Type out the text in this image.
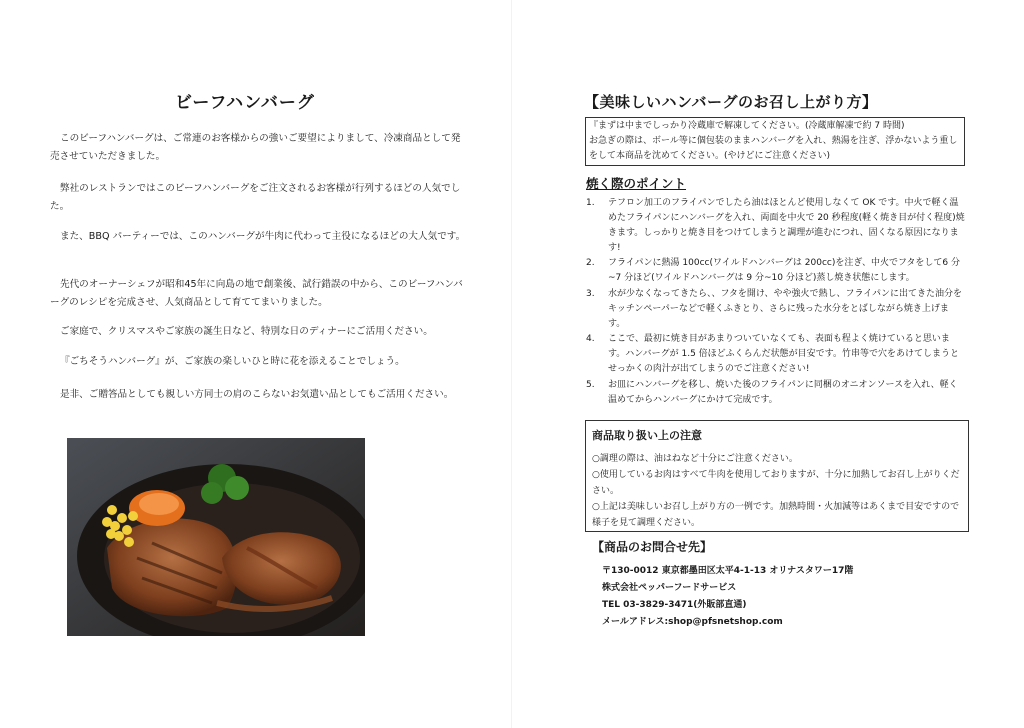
ビーフハンバーグ
このビーフハンバーグは、ご常連のお客様からの強いご要望によりまして、冷凍商品として発売させていただきました。
弊社のレストランではこのビーフハンバーグをご注文されるお客様が行列するほどの人気でした。
また、BBQ パーティーでは、このハンバーグが牛肉に代わって主役になるほどの大人気です。
先代のオーナーシェフが昭和45年に向島の地で創業後、試行錯誤の中から、このビーフハンバーグのレシピを完成させ、人気商品として育ててまいりました。
ご家庭で、クリスマスやご家族の誕生日など、特別な日のディナーにご活用ください。
『ごちそうハンバーグ』が、ご家族の楽しいひと時に花を添えることでしょう。
是非、ご贈答品としても親しい方同士の肩のこらないお気遣い品としてもご活用ください。
【美味しいハンバーグのお召し上がり方】
『まずは中までしっかり冷蔵庫で解凍してください。(冷蔵庫解凍で約 7 時間)
お急ぎの際は、ボール等に個包装のままハンバーグを入れ、熱湯を注ぎ、浮かないよう重しをして本商品を沈めてください。(やけどにご注意ください)
焼く際のポイント
1. テフロン加工のフライパンでしたら油はほとんど使用しなくて OK です。中火で軽く温めたフライパンにハンバーグを入れ、両面を中火で 20 秒程度(軽く焼き目が付く程度)焼きます。しっかりと焼き目をつけてしまうと調理が進むにつれ、固くなる原因になります!
2. フライパンに熱湯 100cc(ワイルドハンバーグは 200cc)を注ぎ、中火でフタをして6 分~7 分ほど(ワイルドハンバーグは 9 分~10 分ほど)蒸し焼き状態にします。
3. 水が少なくなってきたら、、フタを開け、やや強火で熱し、フライパンに出てきた油分をキッチンペーパーなどで軽くふきとり、さらに残った水分をとばしながら焼き上げます。
4. ここで、最初に焼き目があまりついていなくても、表面も程よく焼けていると思います。ハンバーグが 1.5 倍ほどふくらんだ状態が目安です。竹串等で穴をあけてしまうとせっかくの肉汁が出てしまうのでご注意ください!
5. お皿にハンバーグを移し、焼いた後のフライパンに同梱のオニオンソースを入れ、軽く温めてからハンバーグにかけて完成です。
商品取り扱い上の注意
○調理の際は、油はねなど十分にご注意ください。
○使用しているお肉はすべて牛肉を使用しておりますが、十分に加熱してお召し上がりください。
○上記は美味しいお召し上がり方の一例です。加熱時間・火加減等はあくまで目安ですので様子を見て調理ください。
【商品のお問合せ先】
〒130-0012 東京都墨田区太平4-1-13 オリナスタワー17階
株式会社ペッパーフードサービス
TEL 03-3829-3471(外販部直通)
メールアドレス:shop@pfsnetshop.com
